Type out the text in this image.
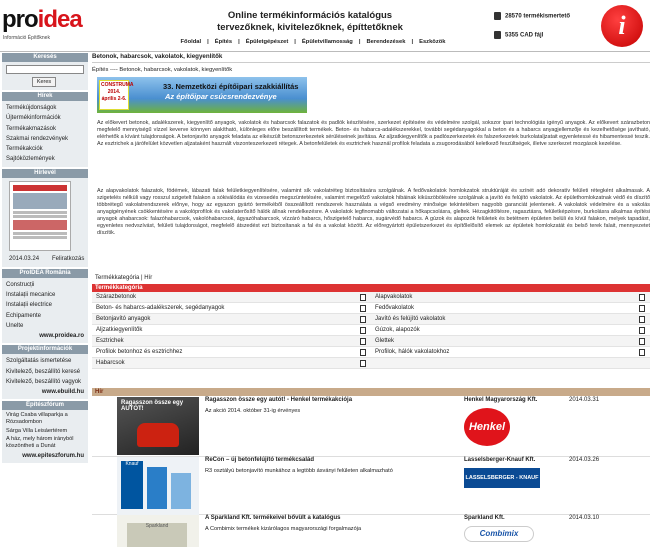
proidea
Információ Építőknek
Online termékinformációs katalógus
tervezőknek, kivitelezőknek, építtetőknek
Főoldal | Építés | Épületgépészet | Épületvillamosság | Berendezések | Eszközök
28570 termékismertető
5355 CAD fájl	i
Keresés
Keres
Hírek
Termékújdonságok
Újtermékinformációk
Termékakmazások
Szakmai rendezvények
Termékakciók
Sajtóközlemények
Hírlevél
2014.03.24 Feliratkozás
ProIDEA România
Construcții
Instalații mecanice
Instalații electrice
Echipamente
Unelte
www.proidea.ro
Projektinformációk
Szolgáltatás ismertetése
Kivitelező, beszállító keresé
Kivitelező, beszállító vagyok
www.ebuild.hu
Építészfórum
Virág Csaba villaparkja a Rózsadombon
Sárga Villa Leisáertérem
A ház, mely három irányból köszöntheti a Dunát
www.epiteszforum.hu
Betonok, habarcsok, vakolatok, kiegyenlítők
Építés ---- Betonok, habarcsok, vakolatok, kiegyenlítők
CONSTRUMA 2014. április 2-6.
33. Nemzetközi építőipari szakkiállítás
Az építőipar csúcsrendezvénye
Az előkevert betonok, adalékszerek, kiegyenlítő anyagok, vakolatok és habarcsok falazatok és padlók készítésére, szerkezet építésére és védelmére szolgál, sokszor ipari technológiás igényű anyagok. Az előkevert szárazbeton megfelelő mennyiségű vízzel keverve könnyen alakítható, különleges előre beszállított termékek. Beton- és habarcs-adalékszerekkel, további segédanyagokkal a beton és a habarcs anyagjellemzője és kezelhetősége javítható, elérhetők a kívánt tulajdonságok. A betonjavító anyagok feladata az elkészült betonszerkezetek sérüléseinek javítása. Az aljzatkiegyenlítők a padlószerkezetek és falszerkezetek burkolataljzatait egyenletessé és hibamentessé teszik. Az esztrichek a járófelület közvetlen aljzataként használt viszonteszerkezeti rétegek. A betonfelületek és esztrichek használ profilok feladata a zsugorodásából keletkező feszültségek, illetve szerkezet mozgások kezelése.
Az alapvakolatok falazatok, födémek, lábazati falak felületkiegyenlítésére, valamint sík vakolatréteg biztosítására szolgálnak. A fedővakolatok homlokzatok struktúráját és színét adó dekoratív felületi rétegként alkalmasak. A szigetelés nélküli vagy rosszul szigetelt falakon a sókiválódás és vizesedés megszüntetésére, valamint megelőző vakolatok hibáinak kiküszöbölésére szolgálnak a javító és felújító vakolatok. Az épülethomlokzatnak védő és díszítő többrétegű vakolatrendszerek előnye, hogy az egyazon gyártó termékéből összeállított rendszerek használata a végső eredmény minősége tekintetében nagyobb garanciát jelentenek. A vakolatok védelmére és a vakolás anyagigényének csökkentésére a vakolóprofilok és vakolaterősítő hálók állnak rendelkezésre. A vakolatok legfinomabb változatai a hőkapcsolásra, gleltek. Hézagkitöltésre, ragasztásra, felületképzésre, burkolásra alkalmas építési anyagok ahabarcsok: falazóhabarcsok, vakolóhabarcsok, ágyazóhabarcsok, vízzáró habarcs, hőszigetelő habarcs, sugárvédő habarcs. A gúzok és alapozók felületek és betétnem épületen belüli és kívül falakon, melyek tapadást, egyenletes nedvszívást, felületi tulajdonságot, megfelelő átszedést ezt biztosítanak a fal és a vakolat között. Az előregyártott épületszerkezet és építőlelősítő elemek az épületek homlokzatát és belső terek falait, mennyezetet díszítik.
Termékkategória | Hír
Termékkategória
Szárazbetonok	Alapvakolatok
Beton- és habarcs-adalékszerek, segédanyagok	Fedővakolatok
Betonjavító anyagok	Javító és felújító vakolatok
Aljzatkiegyenlítők	Gúzok, alapozók
Esztrichek	Glettek
Profilok betonhoz és esztrichhez	Profilok, hálók vakolatokhoz
Habarcsok
Hír
Ragasszon össze egy AUTÓT!
Ragasszon össze egy autót! - Henkel termékakciója
Az akció 2014. október 31-ig érvényes
Henkel Magyarország Kft.	2014.03.31
Henkel
Knauf
ReCon – új betonfelújító termékcsalád
R3 osztályú betonjavító munkához a legtöbb ásványi felületen alkalmazható
Lasselsberger-Knauf Kft.	2014.03.26
LASSELSBERGER - KNAUF
Sparkland
A Sparkland Kft. termékeivel bővült a katalógus
A Combimix termékek kizárólagos magyarországi forgalmazója
Sparkland Kft.	2014.03.10
Combimix
